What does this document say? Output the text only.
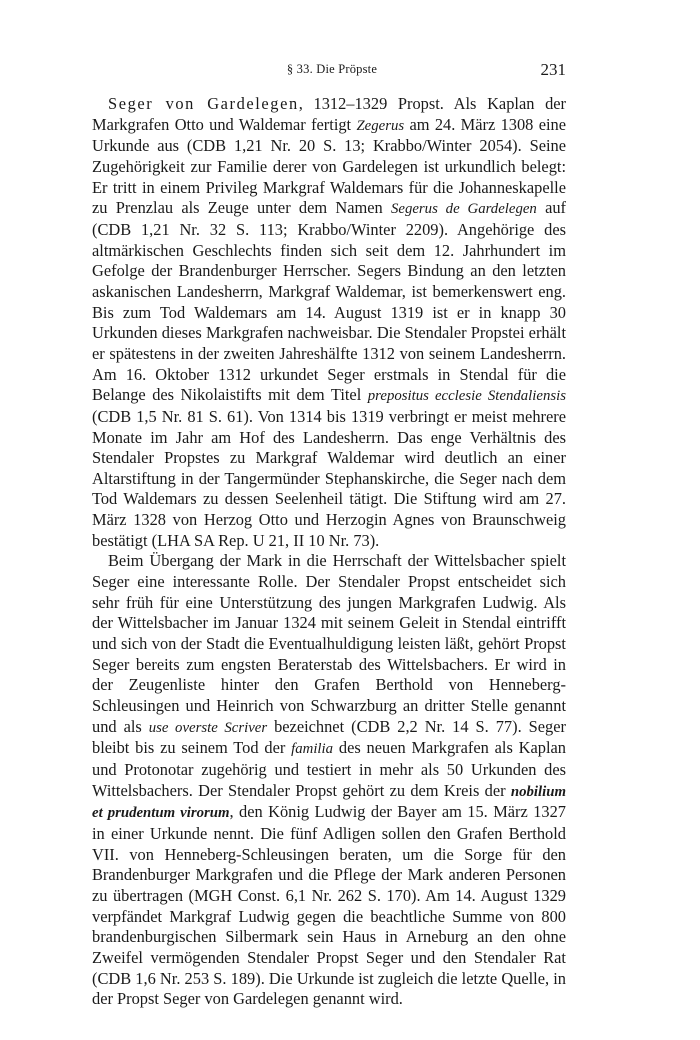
§ 33. Die Pröpste	231

Seger von Gardelegen, 1312–1329 Propst. Als Kaplan der Markgrafen Otto und Waldemar fertigt Zegerus am 24. März 1308 eine Urkunde aus (CDB 1,21 Nr. 20 S. 13; Krabbo/Winter 2054). Seine Zugehörigkeit zur Familie derer von Gardelegen ist urkundlich belegt: Er tritt in einem Privileg Markgraf Waldemars für die Johanneskapelle zu Prenzlau als Zeuge unter dem Namen Segerus de Gardelegen auf (CDB 1,21 Nr. 32 S. 113; Krabbo/Winter 2209). Angehörige des altmärkischen Geschlechts finden sich seit dem 12. Jahrhundert im Gefolge der Brandenburger Herrscher. Segers Bindung an den letzten askanischen Landesherrn, Markgraf Waldemar, ist bemerkenswert eng. Bis zum Tod Waldemars am 14. August 1319 ist er in knapp 30 Urkunden dieses Markgrafen nachweisbar. Die Stendaler Propstei erhält er spätestens in der zweiten Jahreshälfte 1312 von seinem Landesherrn. Am 16. Oktober 1312 urkundet Seger erstmals in Stendal für die Belange des Nikolaistifts mit dem Titel prepositus ecclesie Stendaliensis (CDB 1,5 Nr. 81 S. 61). Von 1314 bis 1319 verbringt er meist mehrere Monate im Jahr am Hof des Landesherrn. Das enge Verhältnis des Stendaler Propstes zu Markgraf Waldemar wird deutlich an einer Altarstiftung in der Tangermünder Stephanskirche, die Seger nach dem Tod Waldemars zu dessen Seelenheil tätigt. Die Stiftung wird am 27. März 1328 von Herzog Otto und Herzogin Agnes von Braunschweig bestätigt (LHA SA Rep. U 21, II 10 Nr. 73).

Beim Übergang der Mark in die Herrschaft der Wittelsbacher spielt Seger eine interessante Rolle. Der Stendaler Propst entscheidet sich sehr früh für eine Unterstützung des jungen Markgrafen Ludwig. Als der Wittelsbacher im Januar 1324 mit seinem Geleit in Stendal eintrifft und sich von der Stadt die Eventualhuldigung leisten läßt, gehört Propst Seger bereits zum engsten Beraterstab des Wittelsbachers. Er wird in der Zeugenliste hinter den Grafen Berthold von Henneberg-Schleusingen und Heinrich von Schwarzburg an dritter Stelle genannt und als use overste Scriver bezeichnet (CDB 2,2 Nr. 14 S. 77). Seger bleibt bis zu seinem Tod der familia des neuen Markgrafen als Kaplan und Protonotar zugehörig und testiert in mehr als 50 Urkunden des Wittelsbachers. Der Stendaler Propst gehört zu dem Kreis der nobilium et prudentum virorum, den König Ludwig der Bayer am 15. März 1327 in einer Urkunde nennt. Die fünf Adligen sollen den Grafen Berthold VII. von Henneberg-Schleusingen beraten, um die Sorge für den Brandenburger Markgrafen und die Pflege der Mark anderen Personen zu übertragen (MGH Const. 6,1 Nr. 262 S. 170). Am 14. August 1329 verpfändet Markgraf Ludwig gegen die beachtliche Summe von 800 brandenburgischen Silbermark sein Haus in Arneburg an den ohne Zweifel vermögenden Stendaler Propst Seger und den Stendaler Rat (CDB 1,6 Nr. 253 S. 189). Die Urkunde ist zugleich die letzte Quelle, in der Propst Seger von Gardelegen genannt wird.
